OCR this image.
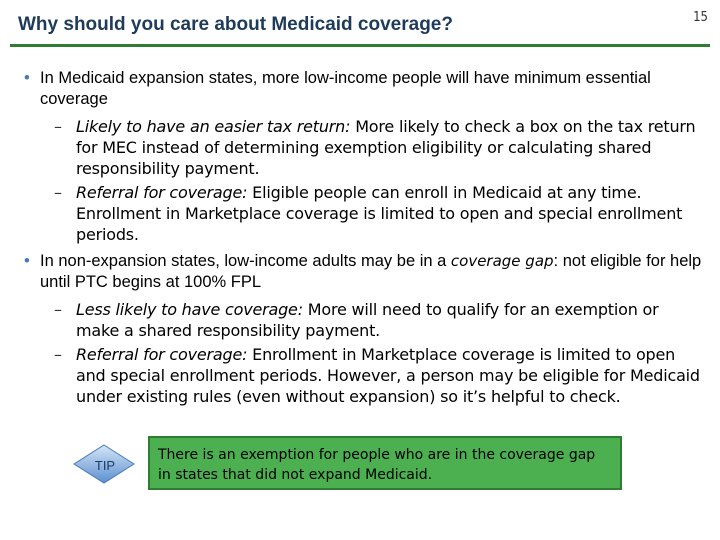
Why should you care about Medicaid coverage?	15
• In Medicaid expansion states, more low-income people will have minimum essential coverage
– Likely to have an easier tax return: More likely to check a box on the tax return for MEC instead of determining exemption eligibility or calculating shared responsibility payment.
– Referral for coverage: Eligible people can enroll in Medicaid at any time. Enrollment in Marketplace coverage is limited to open and special enrollment periods.
• In non-expansion states, low-income adults may be in a coverage gap: not eligible for help until PTC begins at 100% FPL
– Less likely to have coverage: More will need to qualify for an exemption or make a shared responsibility payment.
– Referral for coverage: Enrollment in Marketplace coverage is limited to open and special enrollment periods. However, a person may be eligible for Medicaid under existing rules (even without expansion) so it’s helpful to check.
TIP
There is an exemption for people who are in the coverage gap in states that did not expand Medicaid.
